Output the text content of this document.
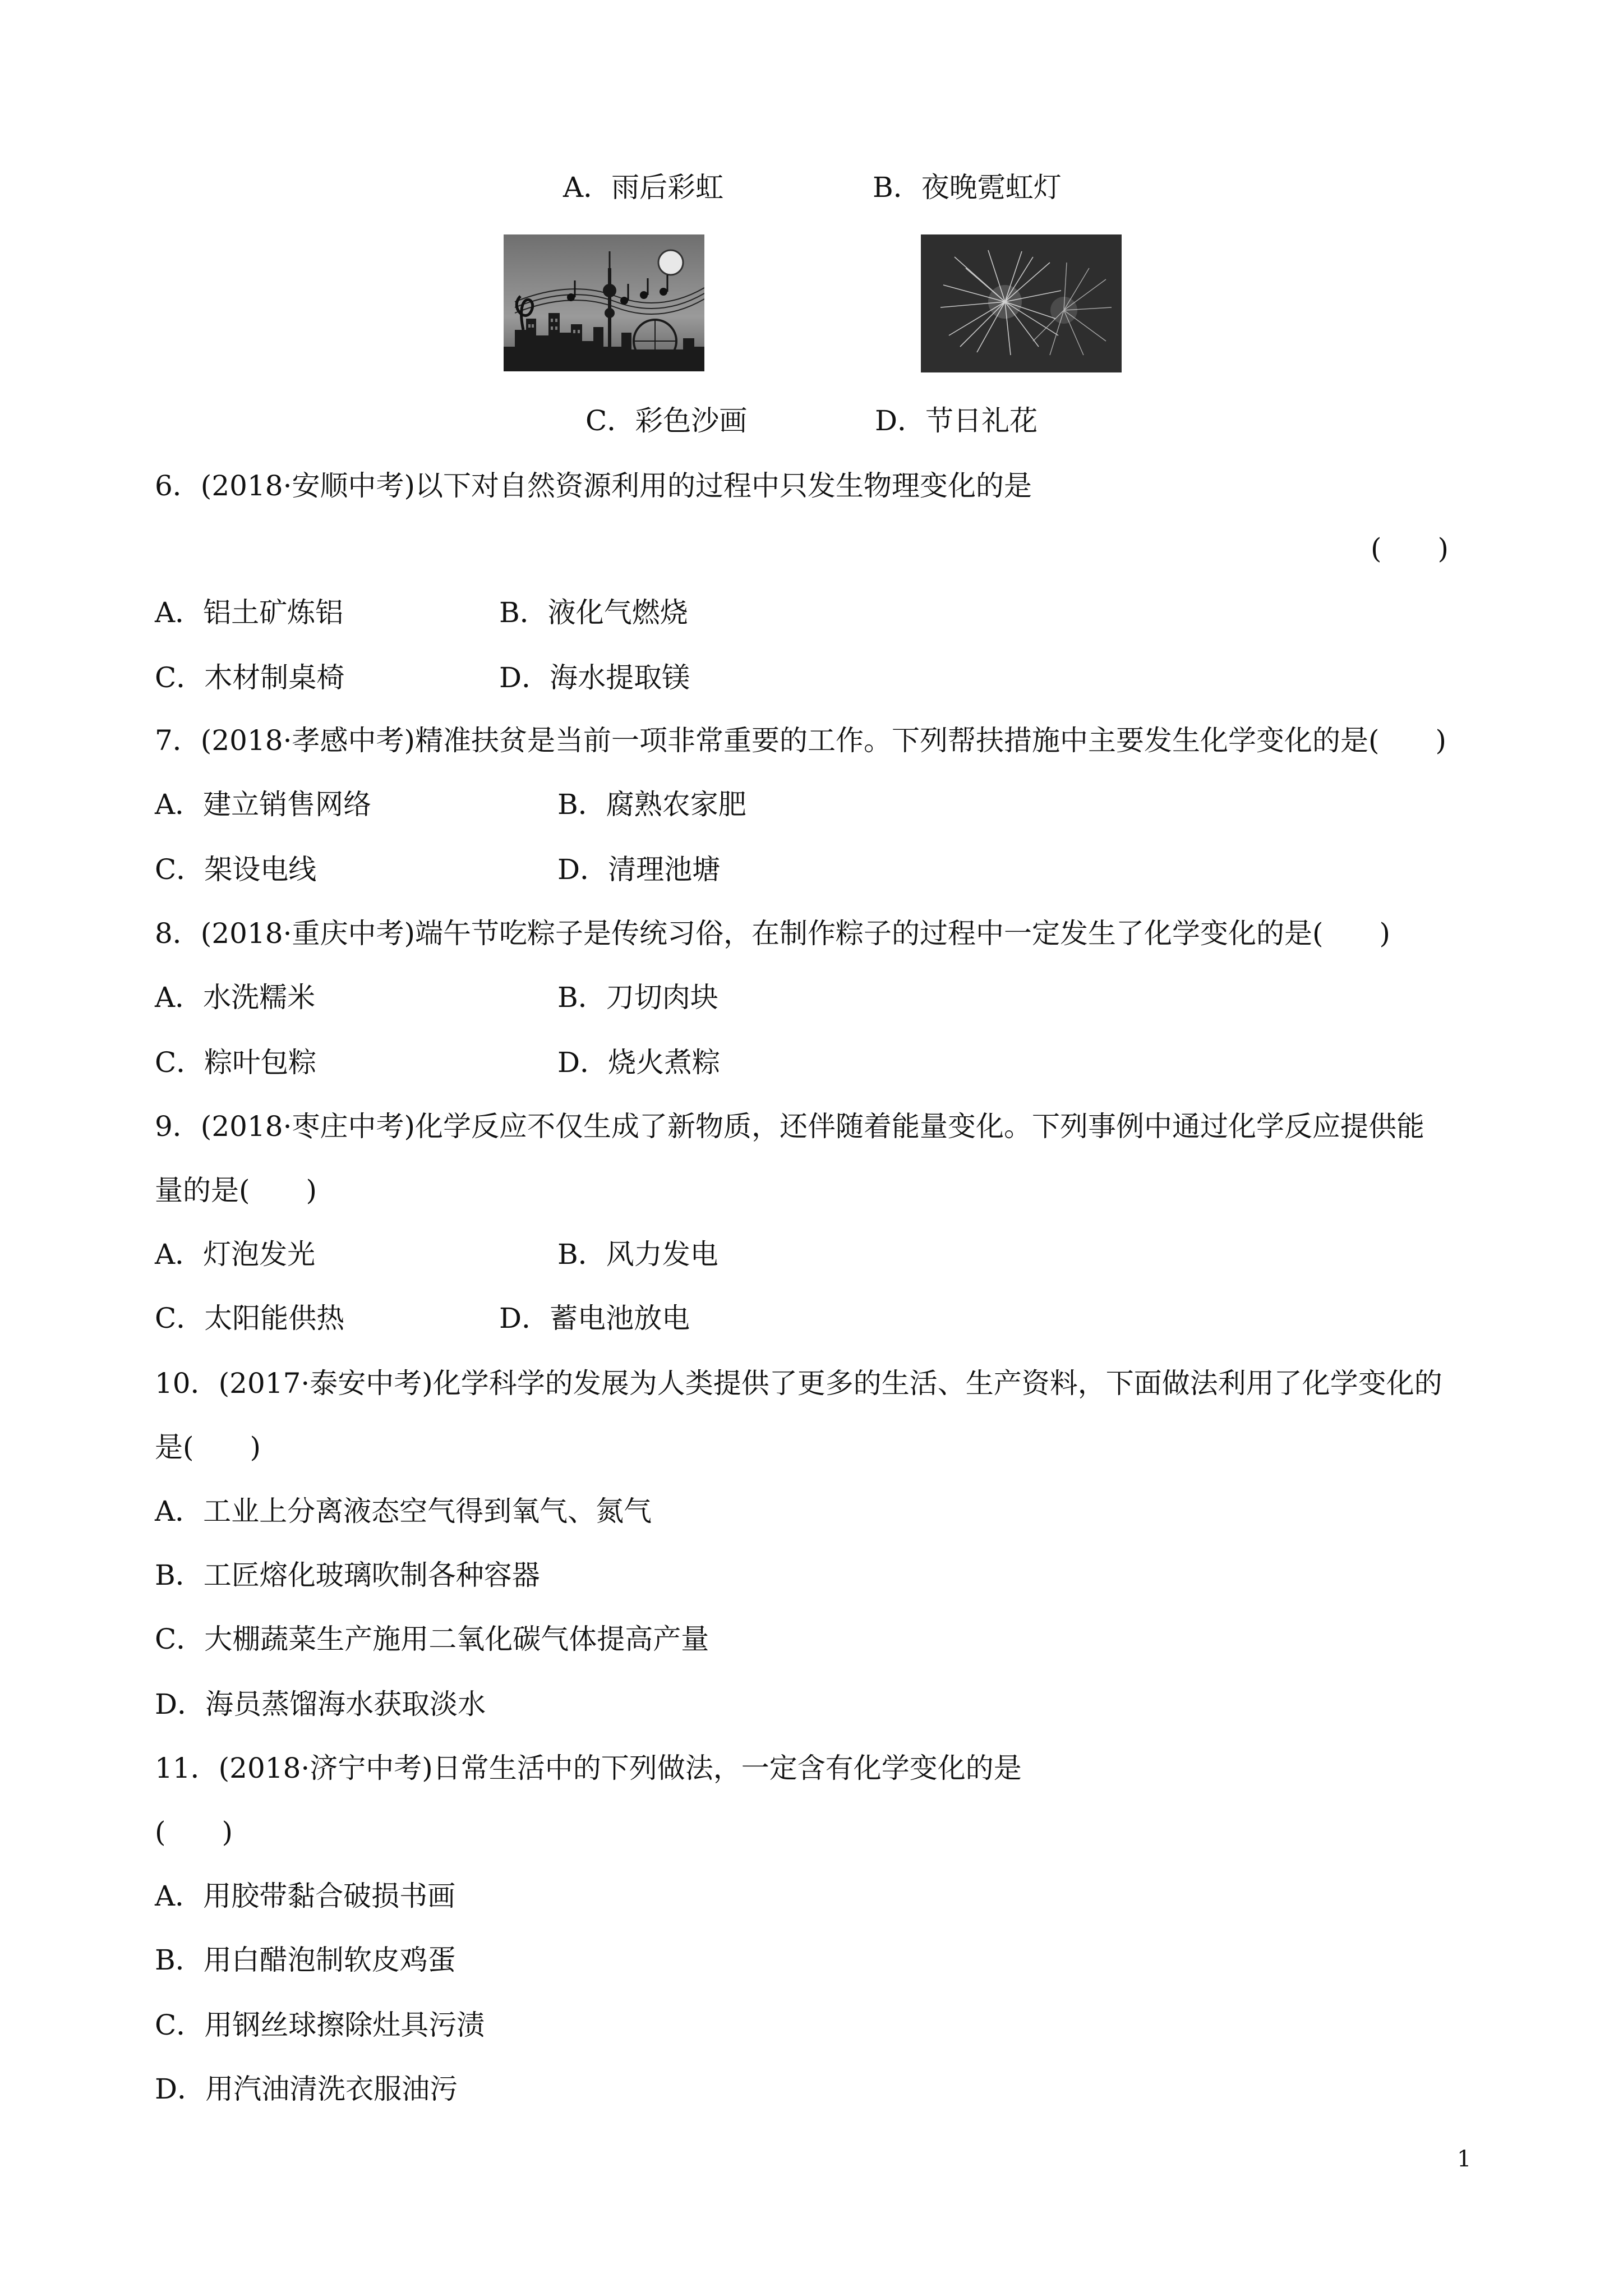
A．雨后彩虹	B．夜晚霓虹灯
C．彩色沙画	D．节日礼花
6．(2018·安顺中考)以下对自然资源利用的过程中只发生物理变化的是
(　　)
A．铝土矿炼铝	B．液化气燃烧
C．木材制桌椅	D．海水提取镁
7．(2018·孝感中考)精准扶贫是当前一项非常重要的工作。下列帮扶措施中主要发生化学变化的是(　　)
A．建立销售网络	B．腐熟农家肥
C．架设电线	D．清理池塘
8．(2018·重庆中考)端午节吃粽子是传统习俗，在制作粽子的过程中一定发生了化学变化的是(　　)
A．水洗糯米	B．刀切肉块
C．粽叶包粽	D．烧火煮粽
9．(2018·枣庄中考)化学反应不仅生成了新物质，还伴随着能量变化。下列事例中通过化学反应提供能
量的是(　　)
A．灯泡发光	B．风力发电
C．太阳能供热	D．蓄电池放电
10．(2017·泰安中考)化学科学的发展为人类提供了更多的生活、生产资料，下面做法利用了化学变化的
是(　　)
A．工业上分离液态空气得到氧气、氮气
B．工匠熔化玻璃吹制各种容器
C．大棚蔬菜生产施用二氧化碳气体提高产量
D．海员蒸馏海水获取淡水
11．(2018·济宁中考)日常生活中的下列做法，一定含有化学变化的是
(　　)
A．用胶带黏合破损书画
B．用白醋泡制软皮鸡蛋
C．用钢丝球擦除灶具污渍
D．用汽油清洗衣服油污
1
